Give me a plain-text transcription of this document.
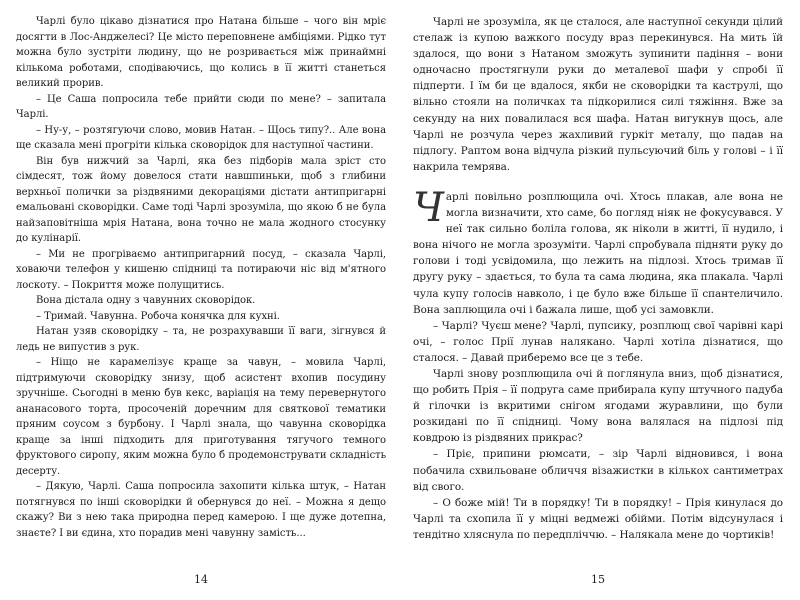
Чарлі було цікаво дізнатися про Натана більше – чого він мріє досягти в Лос-Анджелесі? Це місто переповнене амбіціями. Рідко тут можна було зустріти людину, що не розривається між принаймні кількома роботами, сподіваючись, що колись в її житті станеться великий прорив.

– Це Саша попросила тебе прийти сюди по мене? – запитала Чарлі.

– Ну-у, – розтягуючи слово, мовив Натан. – Щось типу?.. Але вона ще сказала мені прогріти кілька сковорідок для наступної частини.

Він був нижчий за Чарлі, яка без підборів мала зріст сто сімдесят, тож йому довелося стати навшпиньки, щоб з глибини верхньої полички за різдвяними декораціями дістати антипригарні емальовані сковорідки. Саме тоді Чарлі зрозуміла, що якою б не була найзаповітніша мрія Натана, вона точно не мала жодного стосунку до кулінарії.

– Ми не прогріваємо антипригарний посуд, – сказала Чарлі, ховаючи телефон у кишеню спідниці та потираючи ніс від м'ятного лоскоту. – Покриття може полущитись.

Вона дістала одну з чавунних сковорідок.

– Тримай. Чавунна. Робоча конячка для кухні.

Натан узяв сковорідку – та, не розрахувавши її ваги, зігнувся й ледь не випустив з рук.

– Ніщо не карамелізує краще за чавун, – мовила Чарлі, підтримуючи сковорідку знизу, щоб асистент вхопив посудину зручніше. Сьогодні в меню був кекс, варіація на тему перевернутого ананасового торта, просоченій доречним для святкової тематики пряним соусом з бурбону. І Чарлі знала, що чавунна сковорідка краще за інші підходить для приготування тягучого темного фруктового сиропу, яким можна було б продемонструвати складність десерту.

– Дякую, Чарлі. Саша попросила захопити кілька штук, – Натан потягнувся по інші сковорідки й обернувся до неї. – Можна я дещо скажу? Ви з нею така природна перед камерою. І ще дуже дотепна, знаєте? І ви єдина, хто порадив мені чавунну замість...

14

Чарлі не зрозуміла, як це сталося, але наступної секунди цілий стелаж із купою важкого посуду враз перекинувся. На мить їй здалося, що вони з Натаном зможуть зупинити падіння – вони одночасно простягнули руки до металевої шафи у спробі її підперти. І їм би це вдалося, якби не сковорідки та каструлі, що вільно стояли на поличках та підкорилися силі тяжіння. Вже за секунду на них повалилася вся шафа. Натан вигукнув щось, але Чарлі не розчула через жахливий гуркіт металу, що падав на підлогу. Раптом вона відчула різкий пульсуючий біль у голові – і її накрила темрява.

Чарлі повільно розплющила очі. Хтось плакав, але вона не могла визначити, хто саме, бо погляд ніяк не фокусувався. У неї так сильно боліла голова, як ніколи в житті, її нудило, і вона нічого не могла зрозуміти. Чарлі спробувала підняти руку до голови і тоді усвідомила, що лежить на підлозі. Хтось тримав її другу руку – здається, то була та сама людина, яка плакала. Чарлі чула купу голосів навколо, і це було вже більше її спантеличило. Вона заплющила очі і бажала лише, щоб усі замовкли.

– Чарлі? Чуєш мене? Чарлі, пупсику, розплющ свої чарівні карі очі, – голос Прії лунав налякано. Чарлі хотіла дізнатися, що сталося. – Давай приберемо все це з тебе.

Чарлі знову розплющила очі й поглянула вниз, щоб дізнатися, що робить Прія – її подруга саме прибирала купу штучного падуба й гілочки із вкритими снігом ягодами журавлини, що були розкидані по її спідниці. Чому вона валялася на підлозі під ковдрою із різдвяних прикрас?

– Пріє, припини рюмсати, – зір Чарлі відновився, і вона побачила схвильоване обличчя візажистки в кількох сантиметрах від свого.

– О боже мій! Ти в порядку! Ти в порядку! – Прія кинулася до Чарлі та схопила її у міцні ведмежі обійми. Потім відсунулася і тендітно хляснула по передпліччю. – Налякала мене до чортиків!

15
